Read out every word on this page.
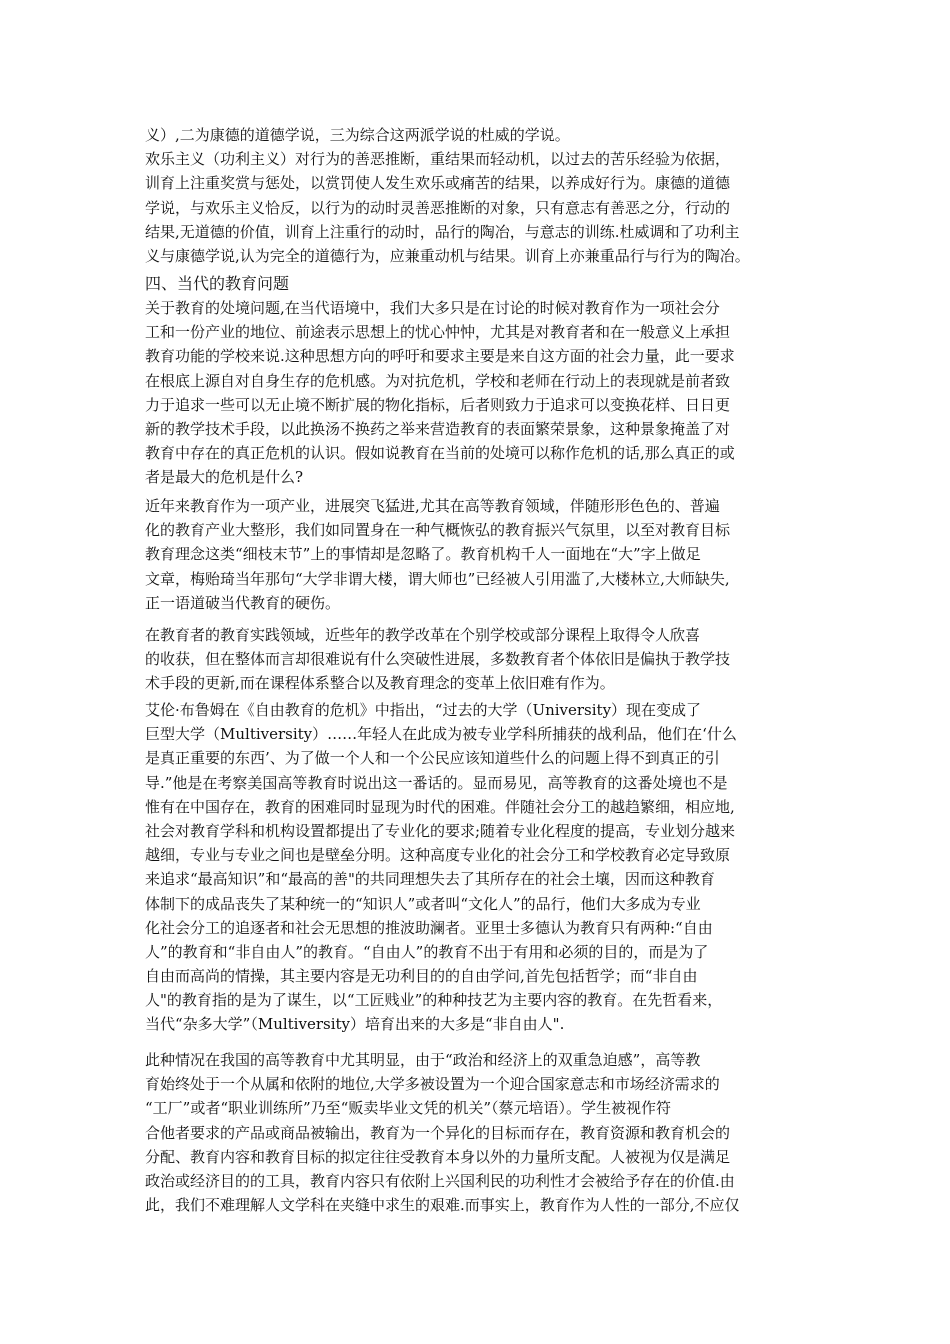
义）,二为康德的道德学说，三为综合这两派学说的杜威的学说。
欢乐主义（功利主义）对行为的善恶推断，重结果而轻动机，以过去的苦乐经验为依据，
训育上注重奖赏与惩处，以赏罚使人发生欢乐或痛苦的结果，以养成好行为。康德的道德
学说，与欢乐主义恰反，以行为的动时灵善恶推断的对象，只有意志有善恶之分，行动的
结果,无道德的价值，训育上注重行的动时，品行的陶冶，与意志的训练.杜威调和了功利主
义与康德学说,认为完全的道德行为，应兼重动机与结果。训育上亦兼重品行与行为的陶冶。
四、当代的教育问题
关于教育的处境问题,在当代语境中，我们大多只是在讨论的时候对教育作为一项社会分
工和一份产业的地位、前途表示思想上的忧心忡忡，尤其是对教育者和在一般意义上承担
教育功能的学校来说.这种思想方向的呼吁和要求主要是来自这方面的社会力量，此一要求
在根底上源自对自身生存的危机感。为对抗危机，学校和老师在行动上的表现就是前者致
力于追求一些可以无止境不断扩展的物化指标，后者则致力于追求可以变换花样、日日更
新的教学技术手段，以此换汤不换药之举来营造教育的表面繁荣景象，这种景象掩盖了对
教育中存在的真正危机的认识。假如说教育在当前的处境可以称作危机的话,那么真正的或
者是最大的危机是什么?
近年来教育作为一项产业，进展突飞猛进,尤其在高等教育领域，伴随形形色色的、普遍
化的教育产业大整形，我们如同置身在一种气概恢弘的教育振兴气氛里，以至对教育目标
教育理念这类“细枝末节”上的事情却是忽略了。教育机构千人一面地在“大”字上做足
文章，梅贻琦当年那句“大学非谓大楼，谓大师也”已经被人引用滥了,大楼林立,大师缺失,
正一语道破当代教育的硬伤。
在教育者的教育实践领域，近些年的教学改革在个别学校或部分课程上取得令人欣喜
的收获，但在整体而言却很难说有什么突破性进展，多数教育者个体依旧是偏执于教学技
术手段的更新,而在课程体系整合以及教育理念的变革上依旧难有作为。
艾伦·布鲁姆在《自由教育的危机》中指出，“过去的大学（University）现在变成了
巨型大学（Multiversity）……年轻人在此成为被专业学科所捕获的战利品，他们在‘什么
是真正重要的东西’、为了做一个人和一个公民应该知道些什么的问题上得不到真正的引
导.”他是在考察美国高等教育时说出这一番话的。显而易见，高等教育的这番处境也不是
惟有在中国存在，教育的困难同时显现为时代的困难。伴随社会分工的越趋繁细，相应地,
社会对教育学科和机构设置都提出了专业化的要求;随着专业化程度的提高，专业划分越来
越细，专业与专业之间也是壁垒分明。这种高度专业化的社会分工和学校教育必定导致原
来追求“最高知识”和“最高的善"的共同理想失去了其所存在的社会土壤，因而这种教育
体制下的成品丧失了某种统一的“知识人”或者叫“文化人”的品行，他们大多成为专业
化社会分工的追逐者和社会无思想的推波助澜者。亚里士多德认为教育只有两种:“自由
人”的教育和“非自由人”的教育。“自由人”的教育不出于有用和必须的目的，而是为了
自由而高尚的情操，其主要内容是无功利目的的自由学问,首先包括哲学；而“非自由
人"的教育指的是为了谋生，以“工匠贱业”的种种技艺为主要内容的教育。在先哲看来，
当代“杂多大学”（Multiversity）培育出来的大多是“非自由人".
此种情况在我国的高等教育中尤其明显，由于“政治和经济上的双重急迫感”，高等教
育始终处于一个从属和依附的地位,大学多被设置为一个迎合国家意志和市场经济需求的
“工厂”或者“职业训练所”乃至“贩卖毕业文凭的机关”（蔡元培语）。学生被视作符
合他者要求的产品或商品被输出，教育为一个异化的目标而存在，教育资源和教育机会的
分配、教育内容和教育目标的拟定往往受教育本身以外的力量所支配。人被视为仅是满足
政治或经济目的的工具，教育内容只有依附上兴国利民的功利性才会被给予存在的价值.由
此，我们不难理解人文学科在夹缝中求生的艰难.而事实上，教育作为人性的一部分,不应仅
